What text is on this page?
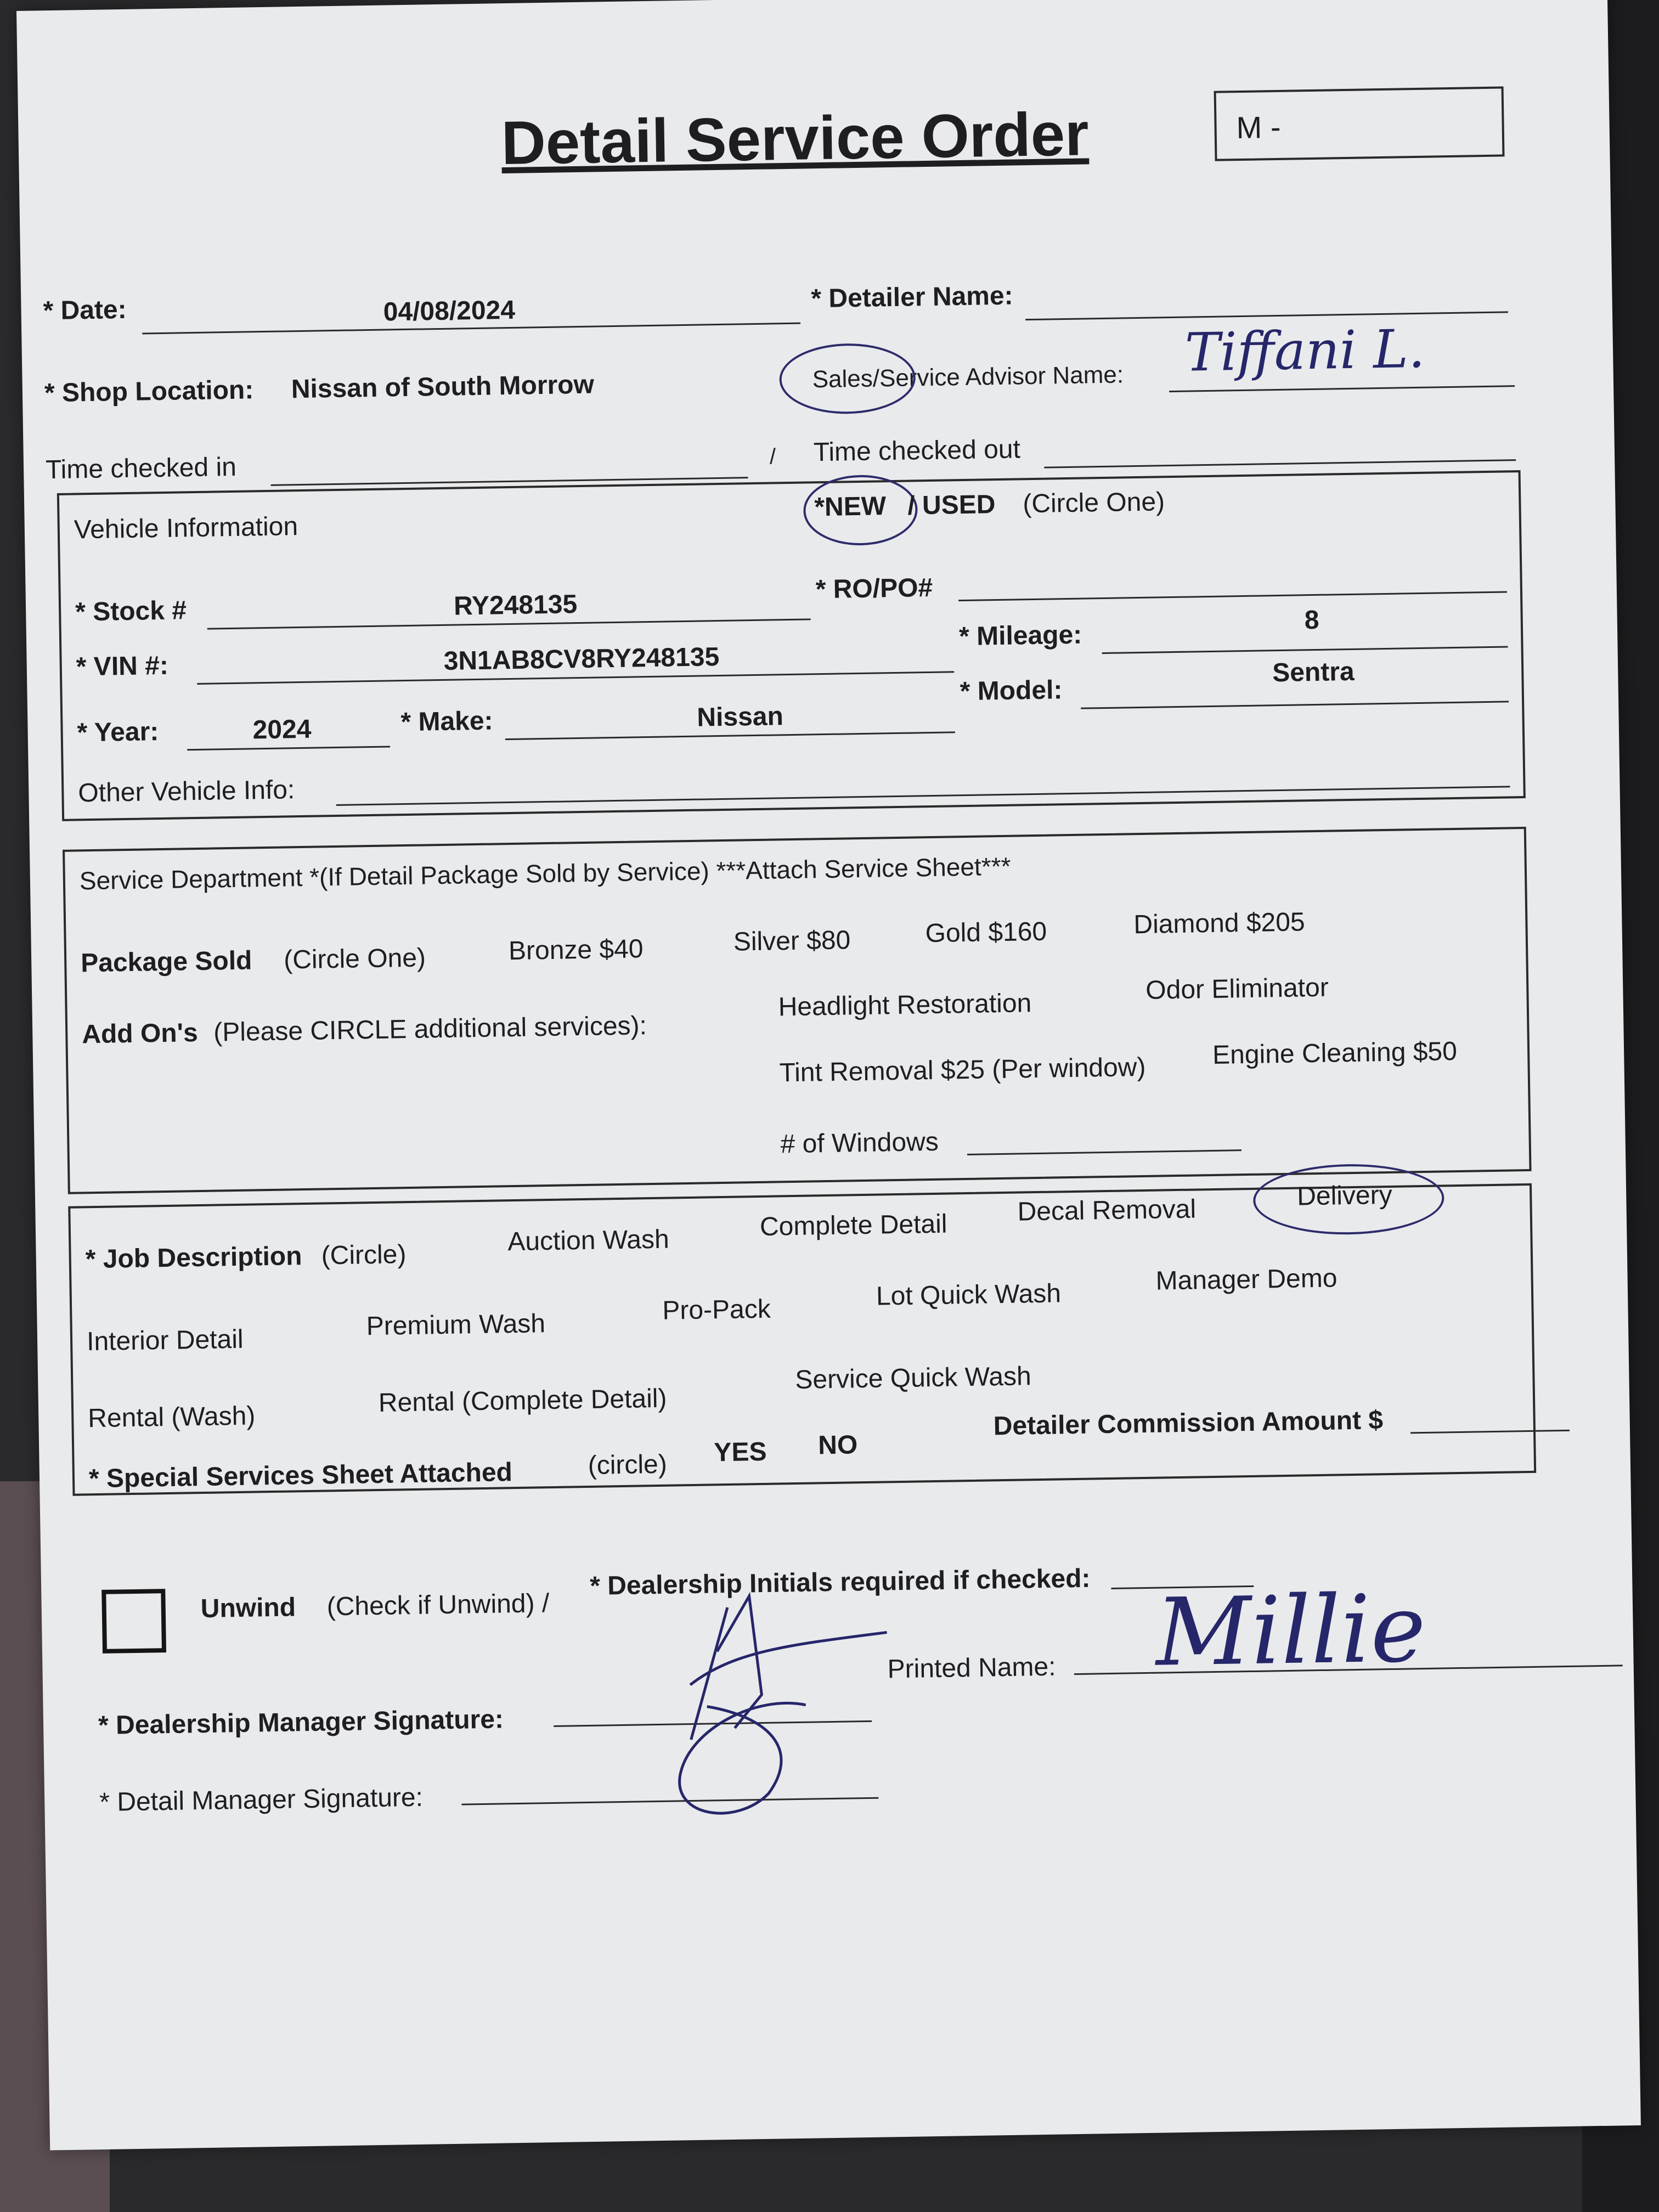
Detail Service Order	M -
* Date:	04/08/2024	* Detailer Name:
* Shop Location: Nissan of South Morrow	Sales/Service Advisor Name: Tiffani L.
Time checked in	/ Time checked out
Vehicle Information
*NEW / USED (Circle One)
* Stock #	RY248135
* RO/PO#
* Mileage:
8
* VIN #:	3N1AB8CV8RY248135
* Model:
Sentra
* Year:	2024	* Make:	Nissan
Other Vehicle Info:
Service Department *(If Detail Package Sold by Service) ***Attach Service Sheet***
Package Sold (Circle One)	Bronze $40	Silver $80	Gold $160	Diamond $205
Add On's (Please CIRCLE additional services):
Headlight Restoration	Odor Eliminator
Tint Removal $25 (Per window)	Engine Cleaning $50
# of Windows
* Job Description (Circle)	Auction Wash	Complete Detail	Decal Removal	Delivery
Interior Detail	Premium Wash	Pro-Pack	Lot Quick Wash	Manager Demo
Rental (Wash)	Rental (Complete Detail)
Service Quick Wash
* Special Services Sheet Attached	(circle) YES NO
Detailer Commission Amount $
Unwind (Check if Unwind) /
* Dealership Initials required if checked:
Printed Name: Millie
* Dealership Manager Signature:
* Detail Manager Signature:
